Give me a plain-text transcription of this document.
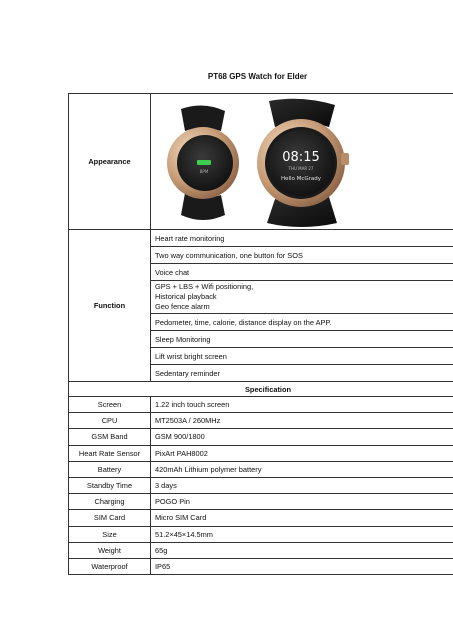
PT68 GPS Watch for Elder
Appearance	BPM
08:15
THU MAR 27
Hello McGrady

Function	Heart rate monitoring
	Two way communication, one button for SOS
	Voice chat

	GPS + LBS + Wifi positioning,
Historical playback
Geo fence alarm

	Pedometer, time, calorie, distance display on the APP.
	Sleep Monitoring
	Lift wrist bright screen
	Sedentary reminder
Specification	
Screen	1.22 inch touch screen
CPU	MT2503A / 260MHz
GSM Band	GSM 900/1800
Heart Rate Sensor	PixArt PAH8002
Battery	420mAh Lithium polymer battery
Standby Time	3 days
Charging	POGO Pin
SIM Card	Micro SIM Card
Size	51.2×45×14.5mm
Weight	65g
Waterproof	IP65
